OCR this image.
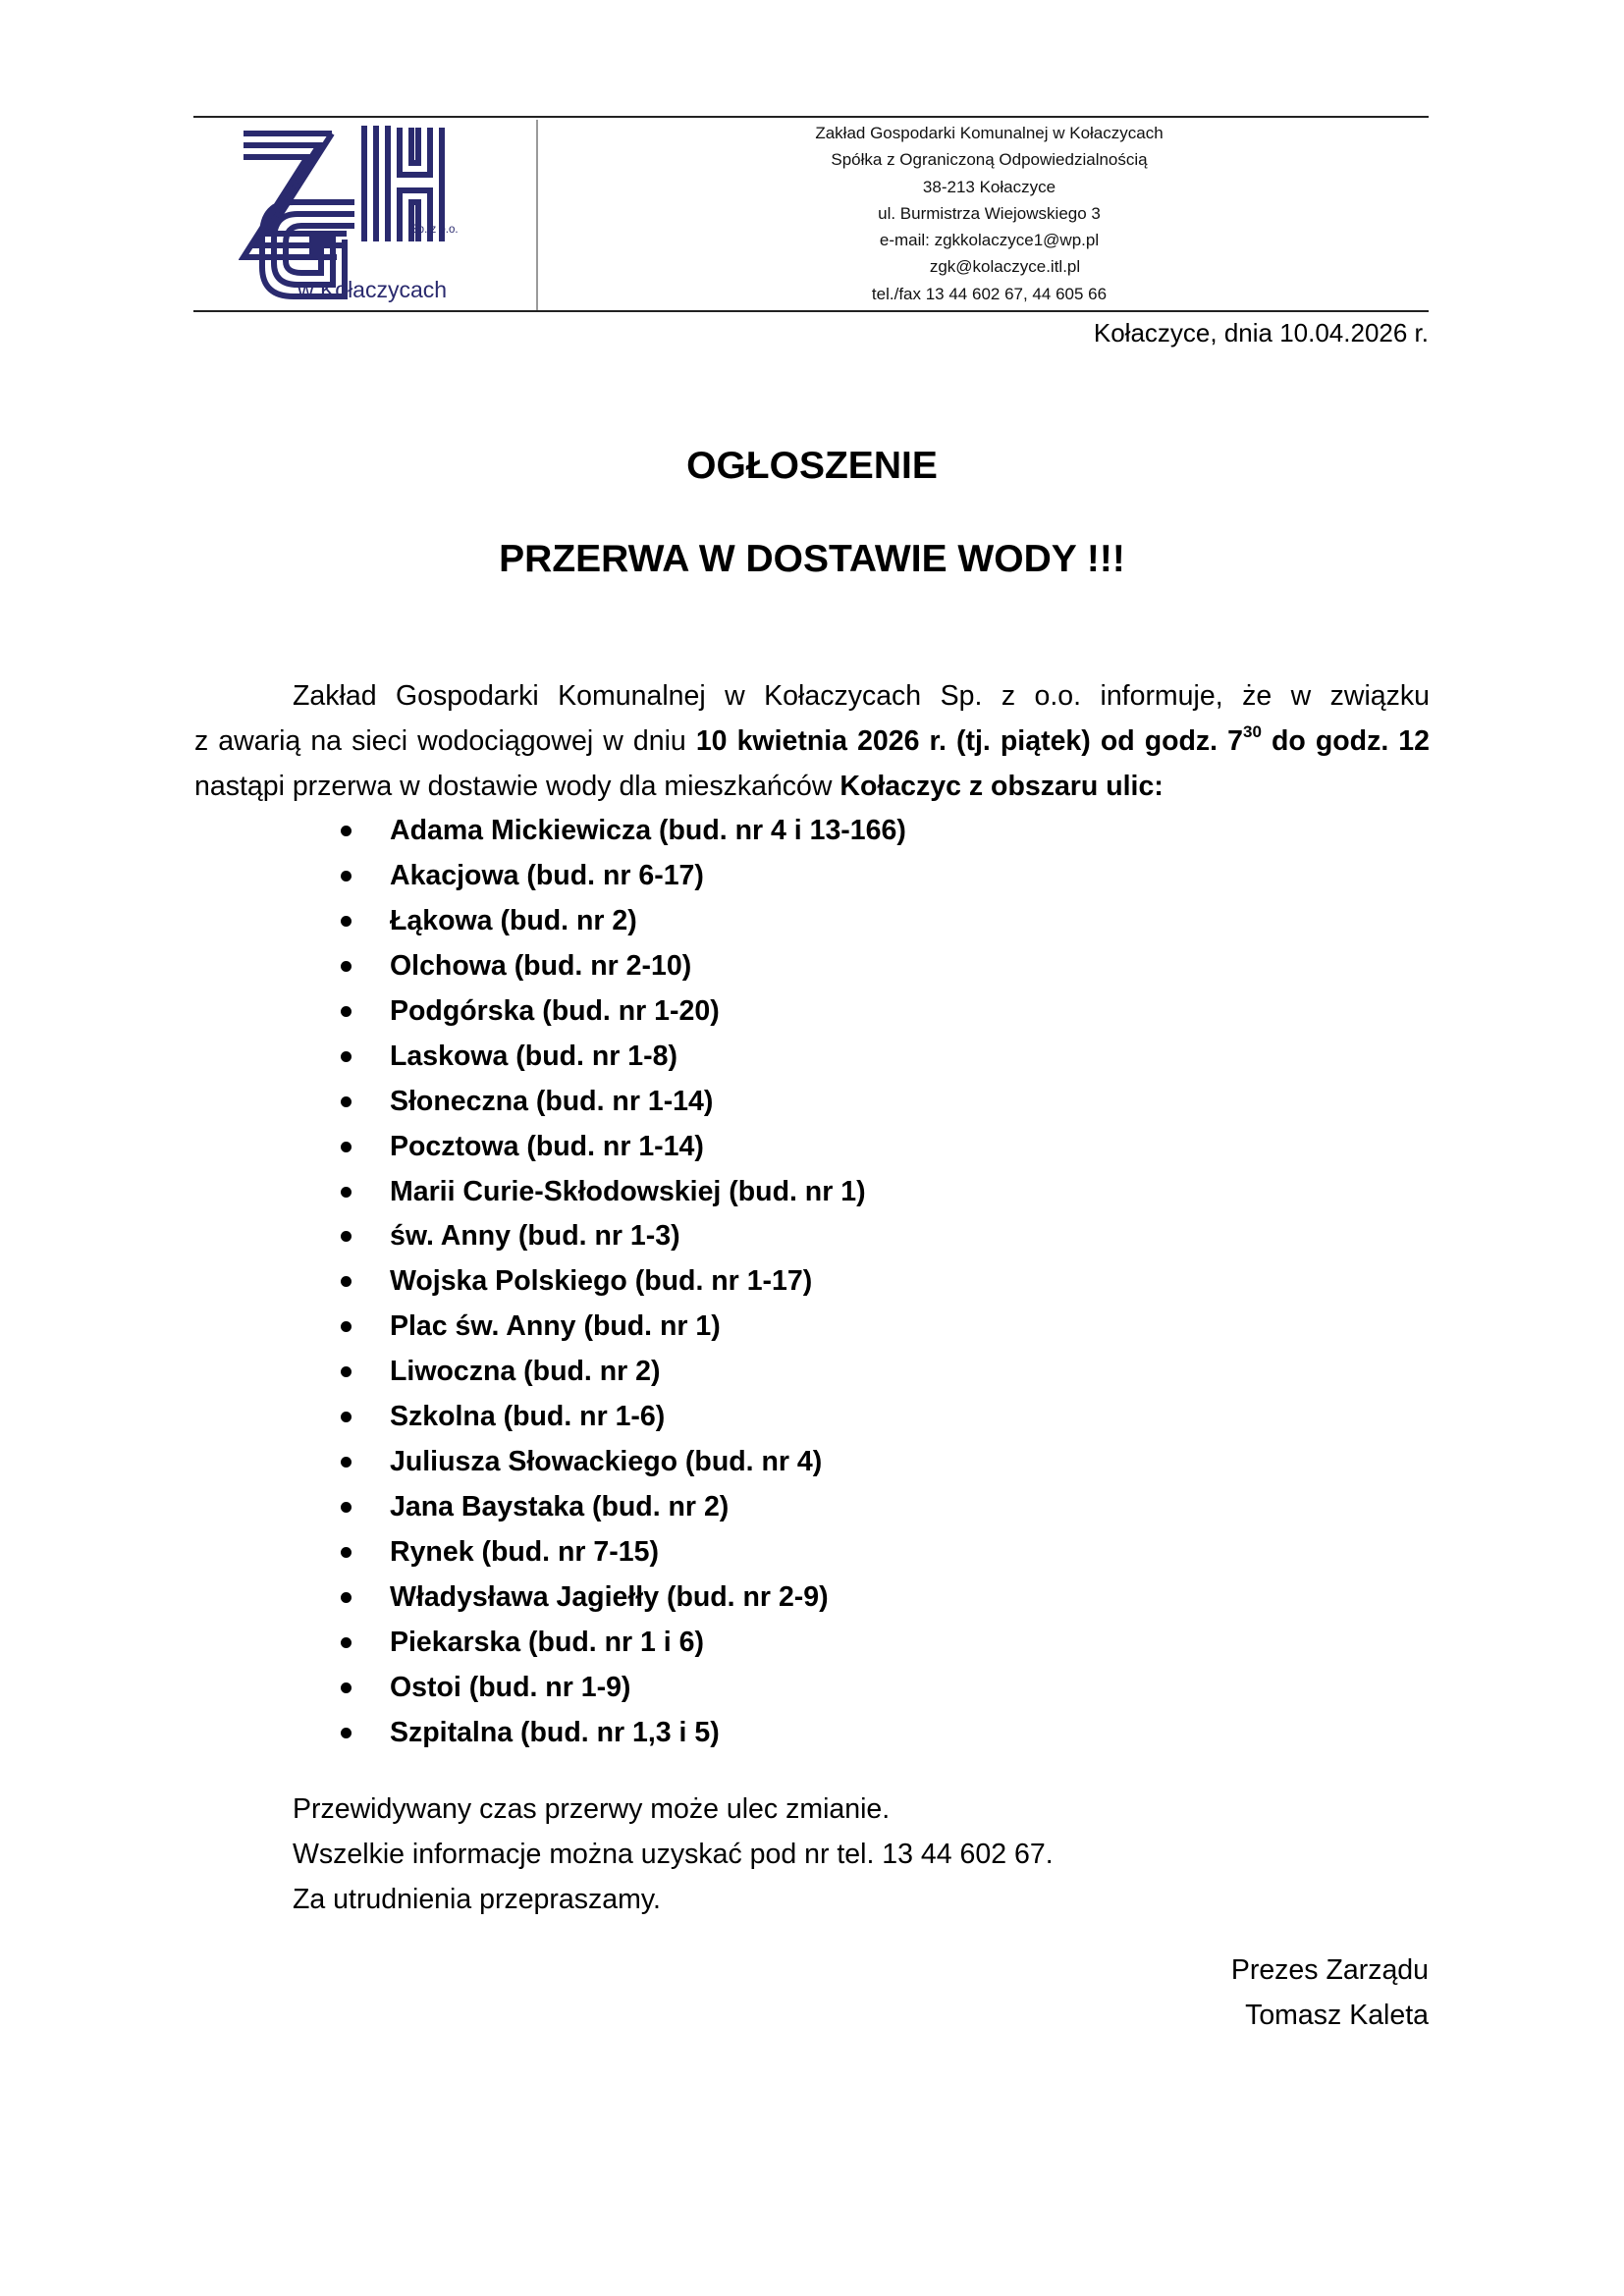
Sp. z o.o.
w Kołaczycach
Zakład Gospodarki Komunalnej w Kołaczycach
Spółka z Ograniczoną Odpowiedzialnością
38-213 Kołaczyce
ul. Burmistrza Wiejowskiego 3
e-mail: zgkkolaczyce1@wp.pl
zgk@kolaczyce.itl.pl
tel./fax 13 44 602 67, 44 605 66
Kołaczyce, dnia 10.04.2026 r.
OGŁOSZENIE
PRZERWA W DOSTAWIE WODY !!!
Zakład Gospodarki Komunalnej w Kołaczycach Sp. z o.o. informuje, że w związku
z awarią na sieci wodociągowej w dniu 10 kwietnia 2026 r. (tj. piątek) od godz. $7^{30}$ do godz. 12
nastąpi przerwa w dostawie wody dla mieszkańców Kołaczyc z obszaru ulic:
Adama Mickiewicza (bud. nr 4 i 13-166)
Akacjowa (bud. nr 6-17)
Łąkowa (bud. nr 2)
Olchowa (bud. nr 2-10)
Podgórska (bud. nr 1-20)
Laskowa (bud. nr 1-8)
Słoneczna (bud. nr 1-14)
Pocztowa (bud. nr 1-14)
Marii Curie-Skłodowskiej (bud. nr 1)
św. Anny (bud. nr 1-3)
Wojska Polskiego (bud. nr 1-17)
Plac św. Anny (bud. nr 1)
Liwoczna (bud. nr 2)
Szkolna (bud. nr 1-6)
Juliusza Słowackiego (bud. nr 4)
Jana Baystaka (bud. nr 2)
Rynek (bud. nr 7-15)
Władysława Jagiełły (bud. nr 2-9)
Piekarska (bud. nr 1 i 6)
Ostoi (bud. nr 1-9)
Szpitalna (bud. nr 1,3 i 5)
Przewidywany czas przerwy może ulec zmianie.
Wszelkie informacje można uzyskać pod nr tel. 13 44 602 67.
Za utrudnienia przepraszamy.
Prezes Zarządu
Tomasz Kaleta
